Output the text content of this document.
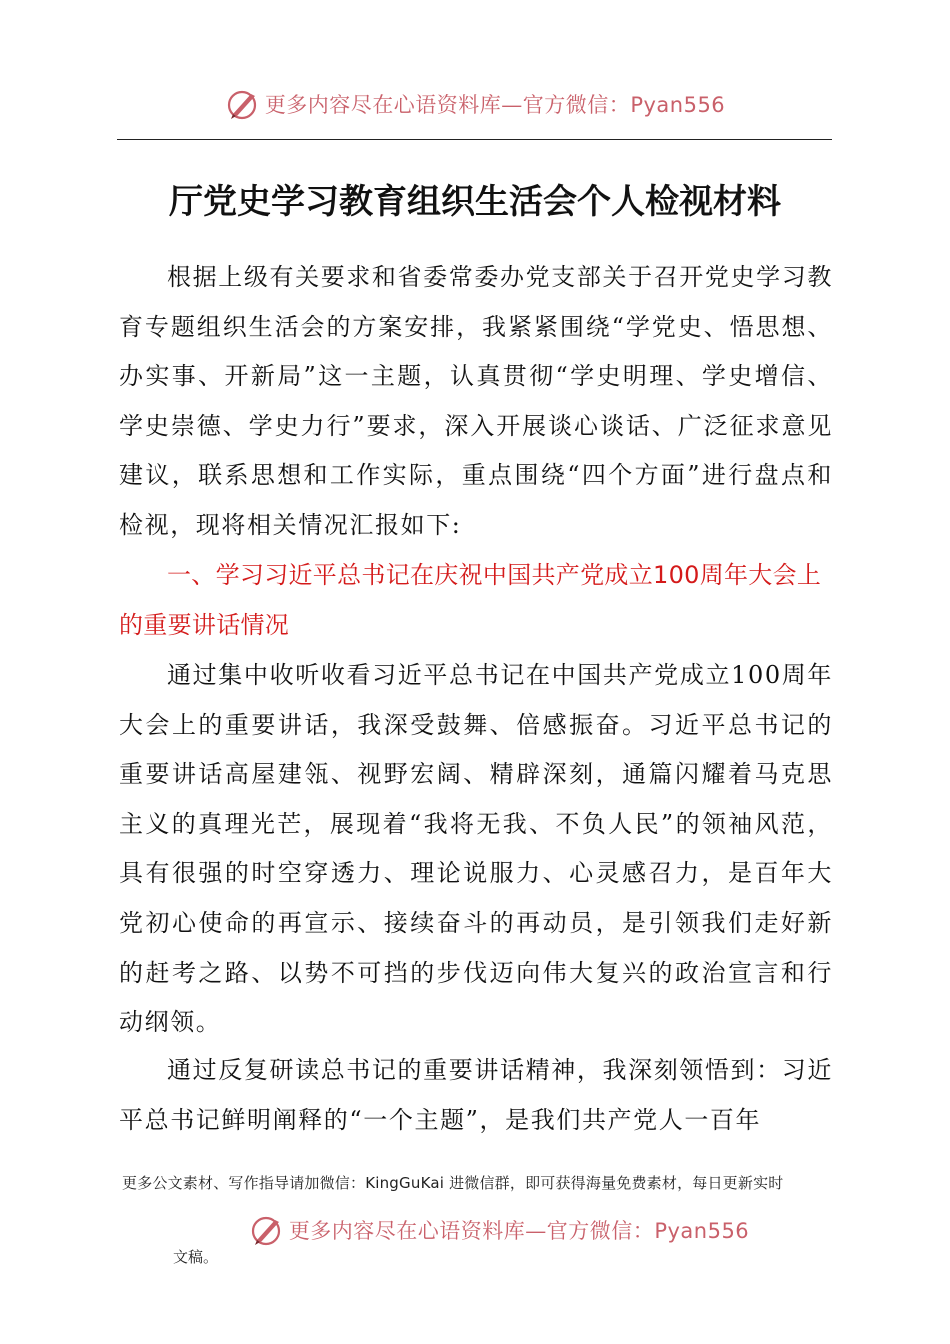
更多内容尽在心语资料库—官方微信：Pyan556
厅党史学习教育组织生活会个人检视材料

根据上级有关要求和省委常委办党支部关于召开党史学习教育专题组织生活会的方案安排，我紧紧围绕“学党史、悟思想、办实事、开新局”这一主题，认真贯彻“学史明理、学史增信、学史崇德、学史力行”要求，深入开展谈心谈话、广泛征求意见建议，联系思想和工作实际，重点围绕“四个方面”进行盘点和检视，现将相关情况汇报如下:

一、学习习近平总书记在庆祝中国共产党成立100周年大会上的重要讲话情况

通过集中收听收看习近平总书记在中国共产党成立100周年大会上的重要讲话，我深受鼓舞、倍感振奋。习近平总书记的重要讲话高屋建瓴、视野宏阔、精辟深刻，通篇闪耀着马克思主义的真理光芒，展现着“我将无我、不负人民”的领袖风范，具有很强的时空穿透力、理论说服力、心灵感召力，是百年大党初心使命的再宣示、接续奋斗的再动员，是引领我们走好新的赶考之路、以势不可挡的步伐迈向伟大复兴的政治宣言和行动纲领。

通过反复研读总书记的重要讲话精神，我深刻领悟到：习近平总书记鲜明阐释的“一个主题”，是我们共产党人一百年

更多公文素材、写作指导请加微信：KingGuKai 进微信群，即可获得海量免费素材，每日更新实时
更多内容尽在心语资料库—官方微信：Pyan556
文稿。
